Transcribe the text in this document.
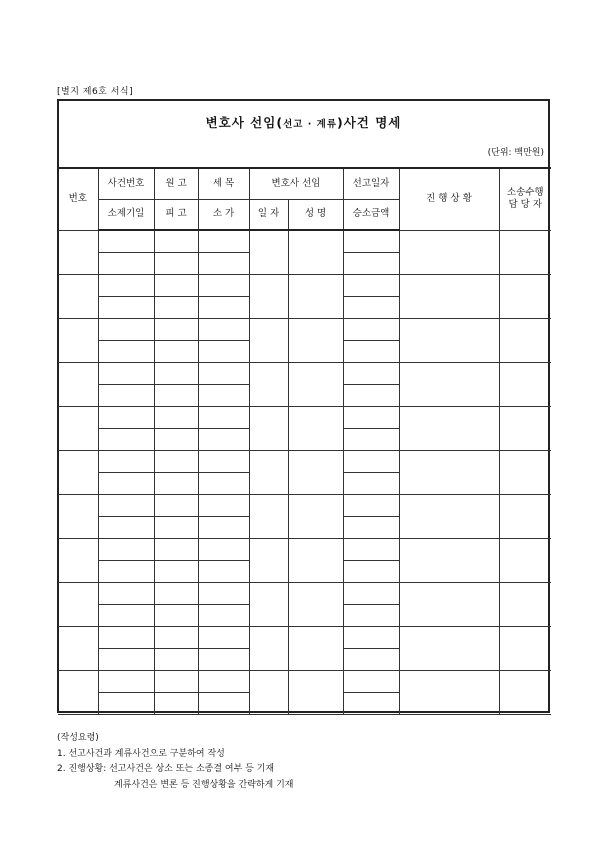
[별지 제6호 서식]
변호사 선임(선고 · 계류)사건 명세
(단위: 백만원)
번호	사건번호	원 고	세 목	변호사 선임		선고일자	진 행 상 황	소송수행
담 당 자
	소제기일	피 고	소 가	일 자	성 명	승소금액		

(작성요령)
1. 선고사건과 계류사건으로 구분하여 작성
2. 진행상황: 선고사건은 상소 또는 소종결 여부 등 기재
계류사건은 변론 등 진행상황을 간략하게 기재
